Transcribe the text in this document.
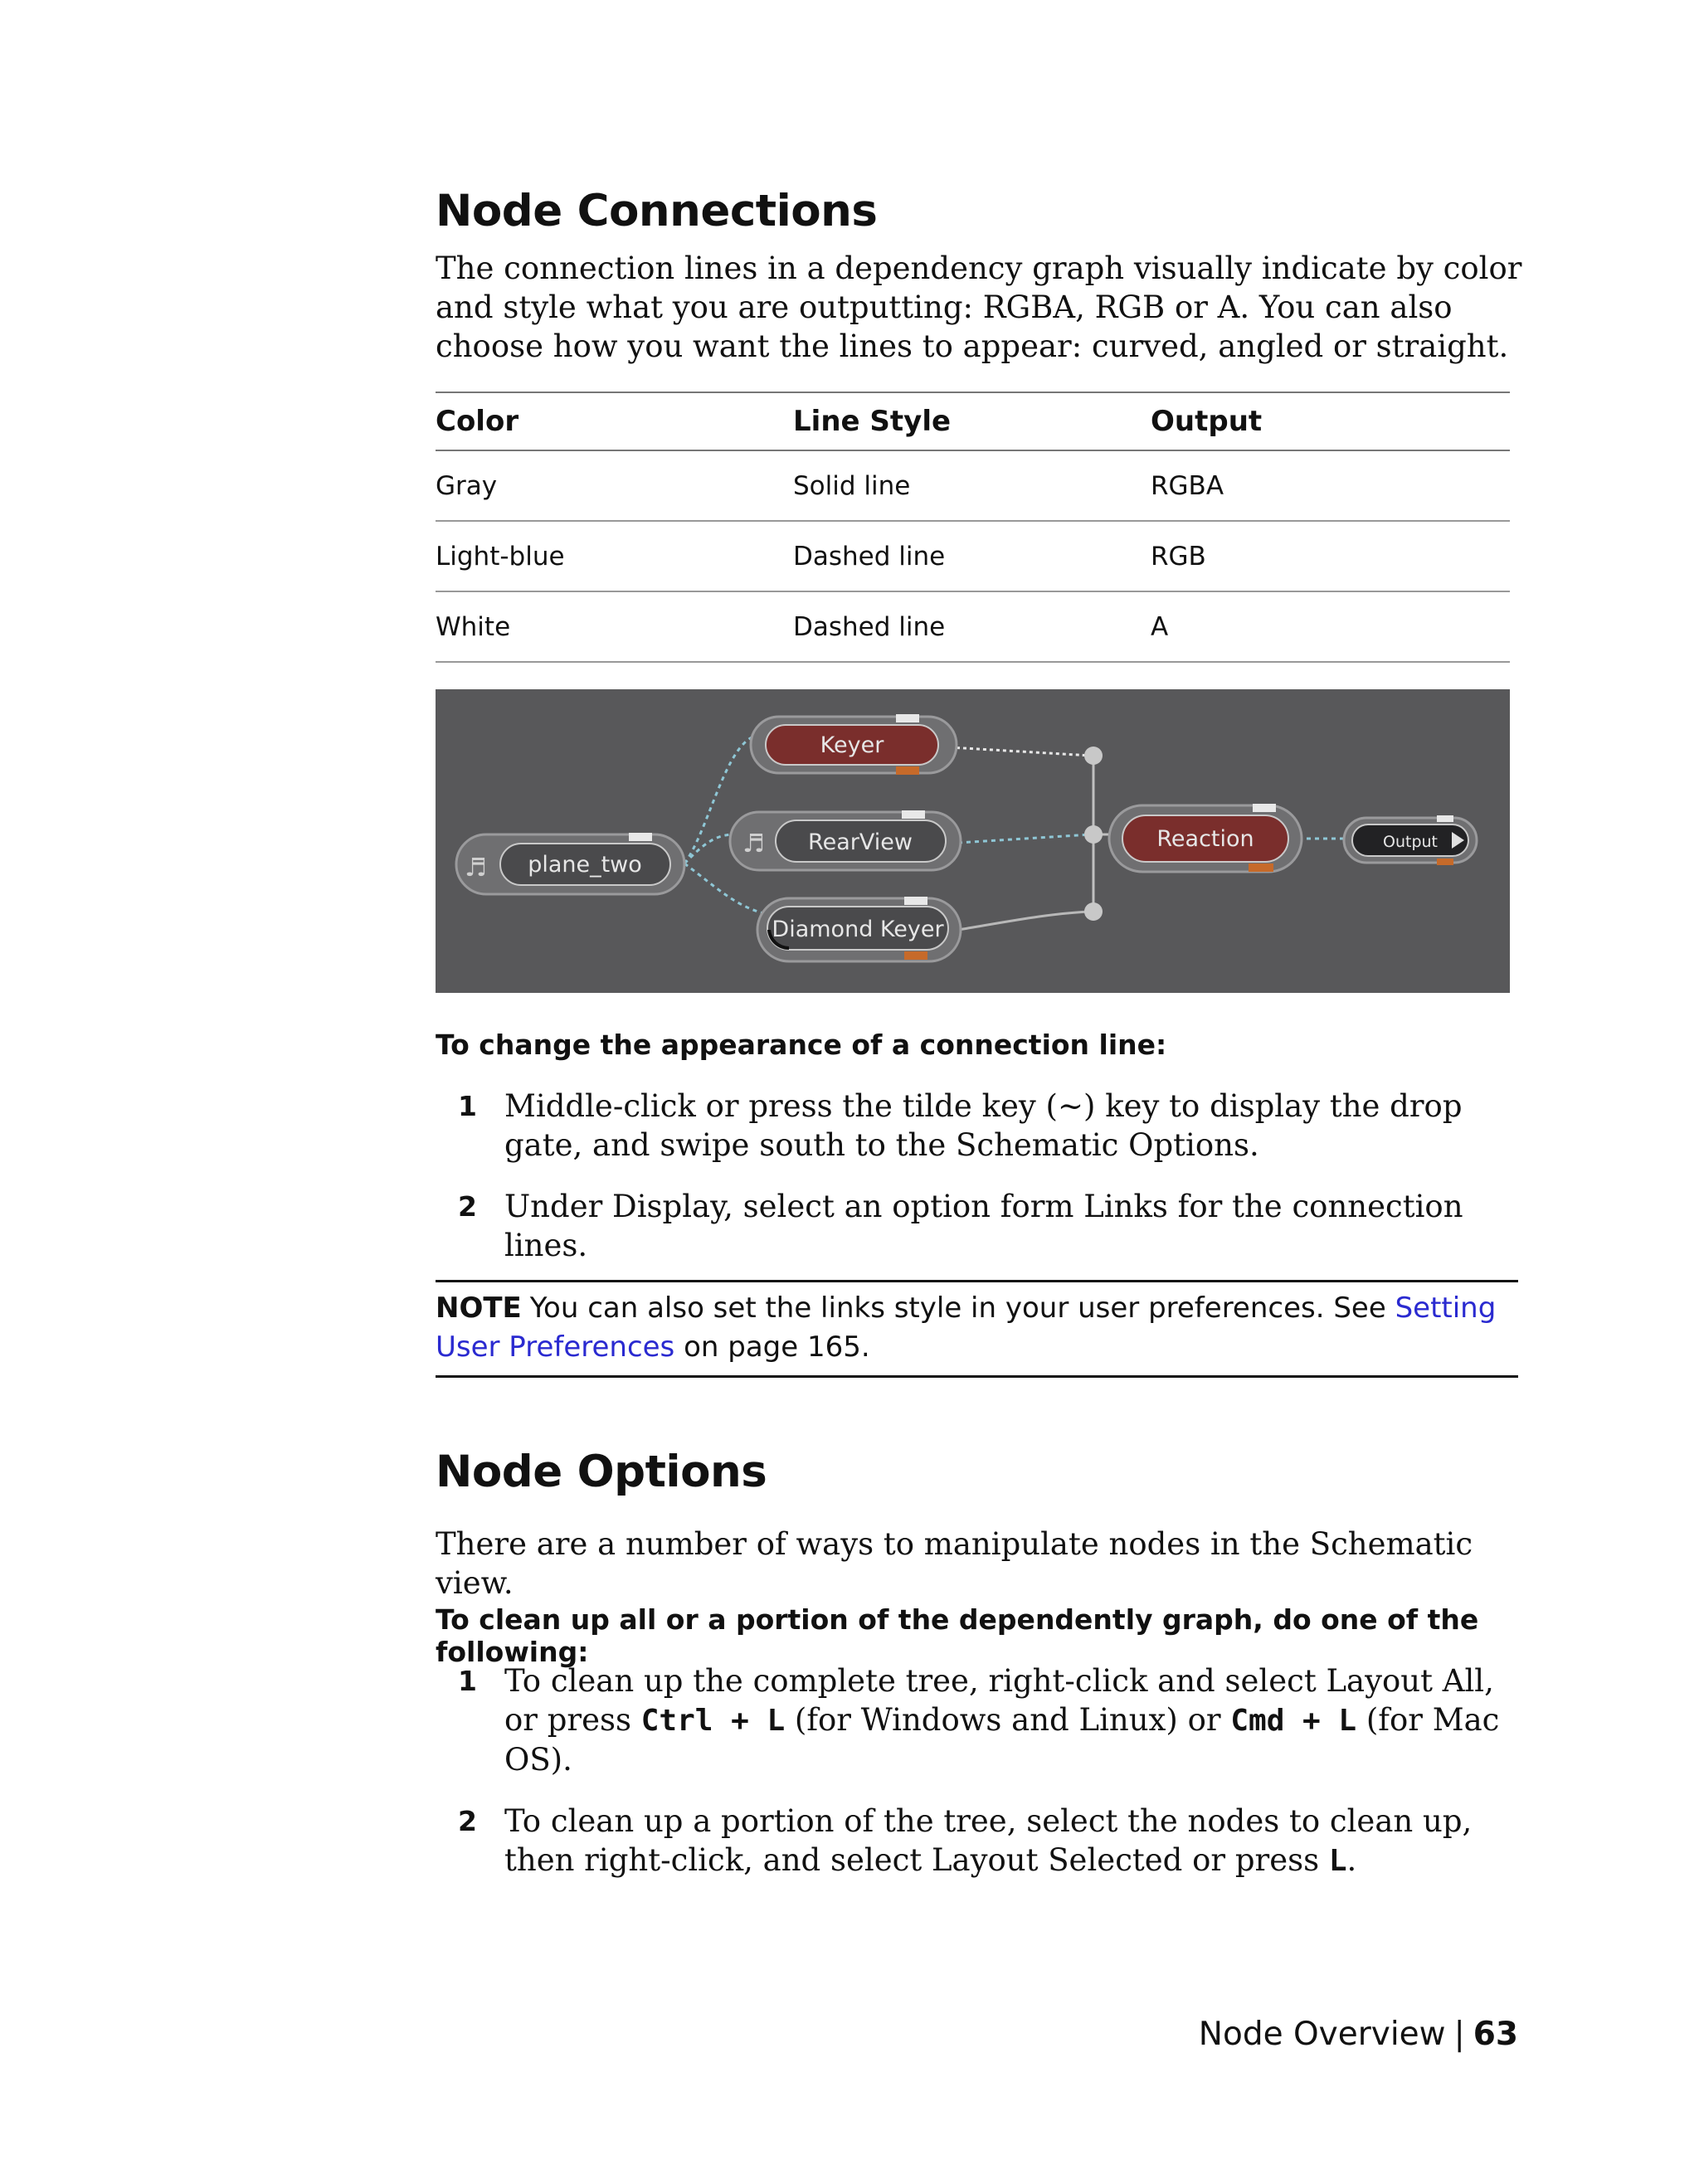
Node Connections

The connection lines in a dependency graph visually indicate by color and style what you are outputting: RGBA, RGB or A. You can also choose how you want the lines to appear: curved, angled or straight.

Color	Line Style	Output
Gray	Solid line	RGBA
Light-blue	Dashed line	RGB
White	Dashed line	A
Keyer
♬ RearView
Diamond Keyer
♬ plane_two
Reaction	Output

To change the appearance of a connection line:

1 Middle-click or press the tilde key (~) key to display the drop gate, and swipe south to the Schematic Options.
2 Under Display, select an option form Links for the connection lines.
NOTE You can also set the links style in your user preferences. See Setting User Preferences on page 165.
Node Options

There are a number of ways to manipulate nodes in the Schematic view.

To clean up all or a portion of the dependently graph, do one of the following:

1 To clean up the complete tree, right-click and select Layout All, or press Ctrl + L (for Windows and Linux) or Cmd + L (for Mac OS).
2 To clean up a portion of the tree, select the nodes to clean up, then right-click, and select Layout Selected or press L.
Node Overview | 63
